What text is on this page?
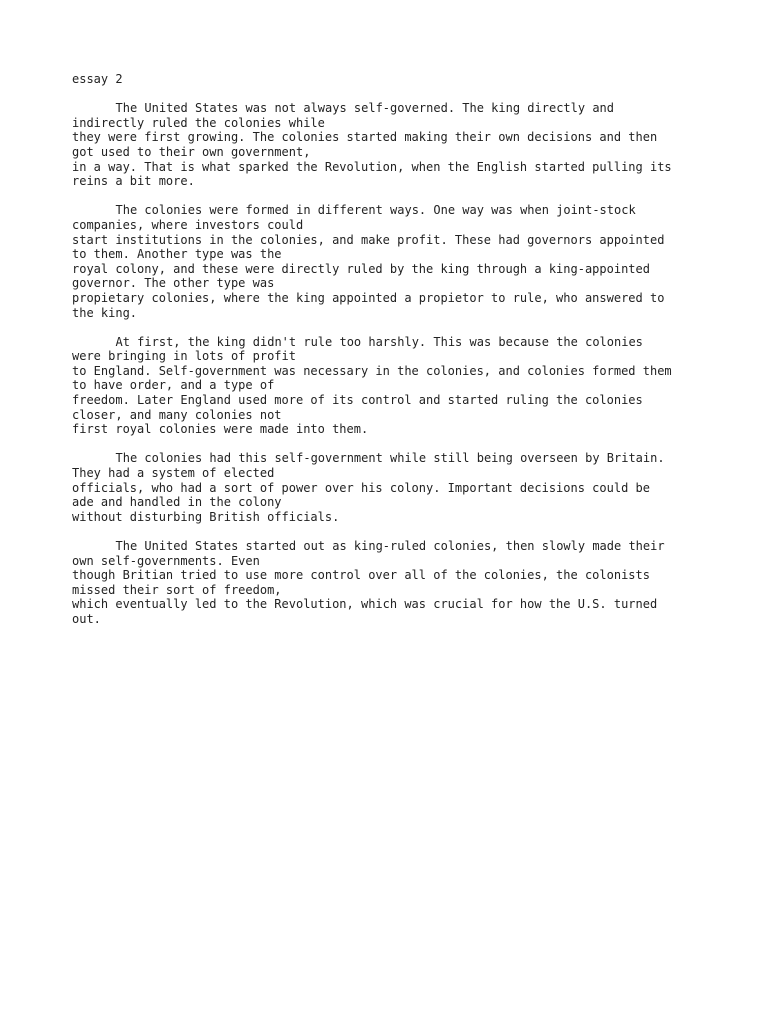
essay 2
The United States was not always self-governed. The king directly and
indirectly ruled the colonies while
they were first growing. The colonies started making their own decisions and then
got used to their own government,
in a way. That is what sparked the Revolution, when the English started pulling its
reins a bit more.
The colonies were formed in different ways. One way was when joint-stock
companies, where investors could
start institutions in the colonies, and make profit. These had governors appointed
to them. Another type was the
royal colony, and these were directly ruled by the king through a king-appointed
governor. The other type was
propietary colonies, where the king appointed a propietor to rule, who answered to
the king.
At first, the king didn't rule too harshly. This was because the colonies
were bringing in lots of profit
to England. Self-government was necessary in the colonies, and colonies formed them
to have order, and a type of
freedom. Later England used more of its control and started ruling the colonies
closer, and many colonies not
first royal colonies were made into them.
The colonies had this self-government while still being overseen by Britain.
They had a system of elected
officials, who had a sort of power over his colony. Important decisions could be
ade and handled in the colony
without disturbing British officials.
The United States started out as king-ruled colonies, then slowly made their
own self-governments. Even
though Britian tried to use more control over all of the colonies, the colonists
missed their sort of freedom,
which eventually led to the Revolution, which was crucial for how the U.S. turned
out.
